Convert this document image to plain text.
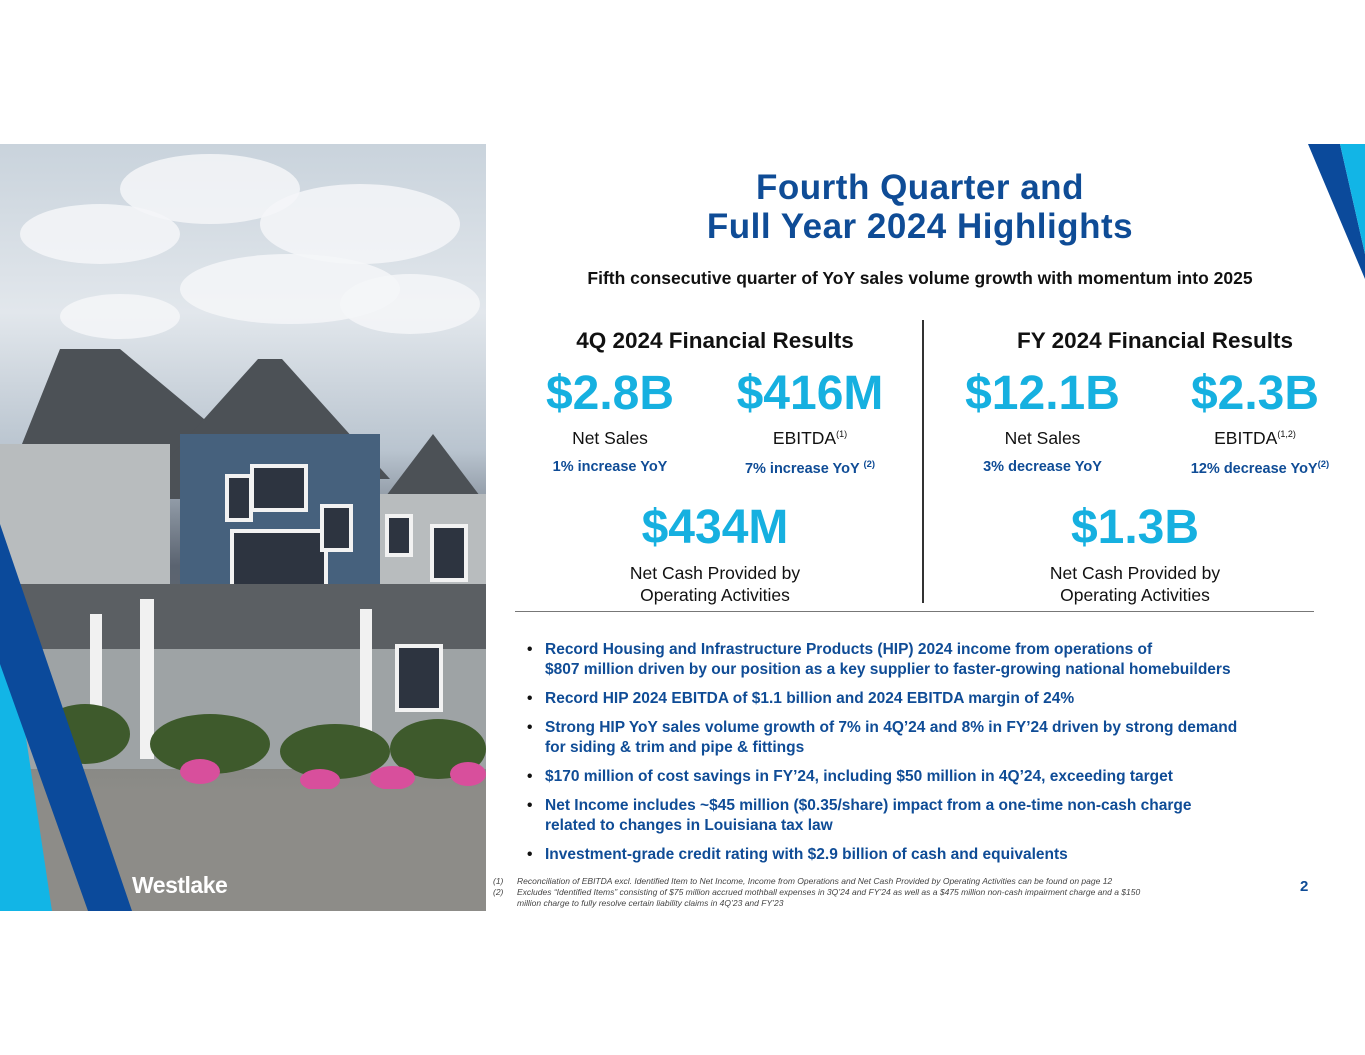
Fourth Quarter and
Full Year 2024 Highlights
Fifth consecutive quarter of YoY sales volume growth with momentum into 2025
4Q 2024 Financial Results
$2.8B	$416M
Net Sales	EBITDA$^{(1)}$
1% increase YoY	7% increase YoY $^{(2)}$
$434M
Net Cash Provided by
Operating Activities
FY 2024 Financial Results
$12.1B	$2.3B
Net Sales	EBITDA$^{(1,2)}$
3% decrease YoY	12% decrease YoY$^{(2)}$
$1.3B
Net Cash Provided by
Operating Activities
• Record Housing and Infrastructure Products (HIP) 2024 income from operations of
$807 million driven by our position as a key supplier to faster-growing national homebuilders
• Record HIP 2024 EBITDA of $1.1 billion and 2024 EBITDA margin of 24%
• Strong HIP YoY sales volume growth of 7% in 4Q’24 and 8% in FY’24 driven by strong demand
for siding & trim and pipe & fittings
• $170 million of cost savings in FY’24, including $50 million in 4Q’24, exceeding target
• Net Income includes ~$45 million ($0.35/share) impact from a one-time non-cash charge
related to changes in Louisiana tax law
• Investment-grade credit rating with $2.9 billion of cash and equivalents
(1) Reconciliation of EBITDA excl. Identified Item to Net Income, Income from Operations and Net Cash Provided by Operating Activities can be found on page 12
(2) Excludes “Identified Items” consisting of $75 million accrued mothball expenses in 3Q’24 and FY’24 as well as a $475 million non-cash impairment charge and a $150
million charge to fully resolve certain liability claims in 4Q’23 and FY’23
Westlake	2
